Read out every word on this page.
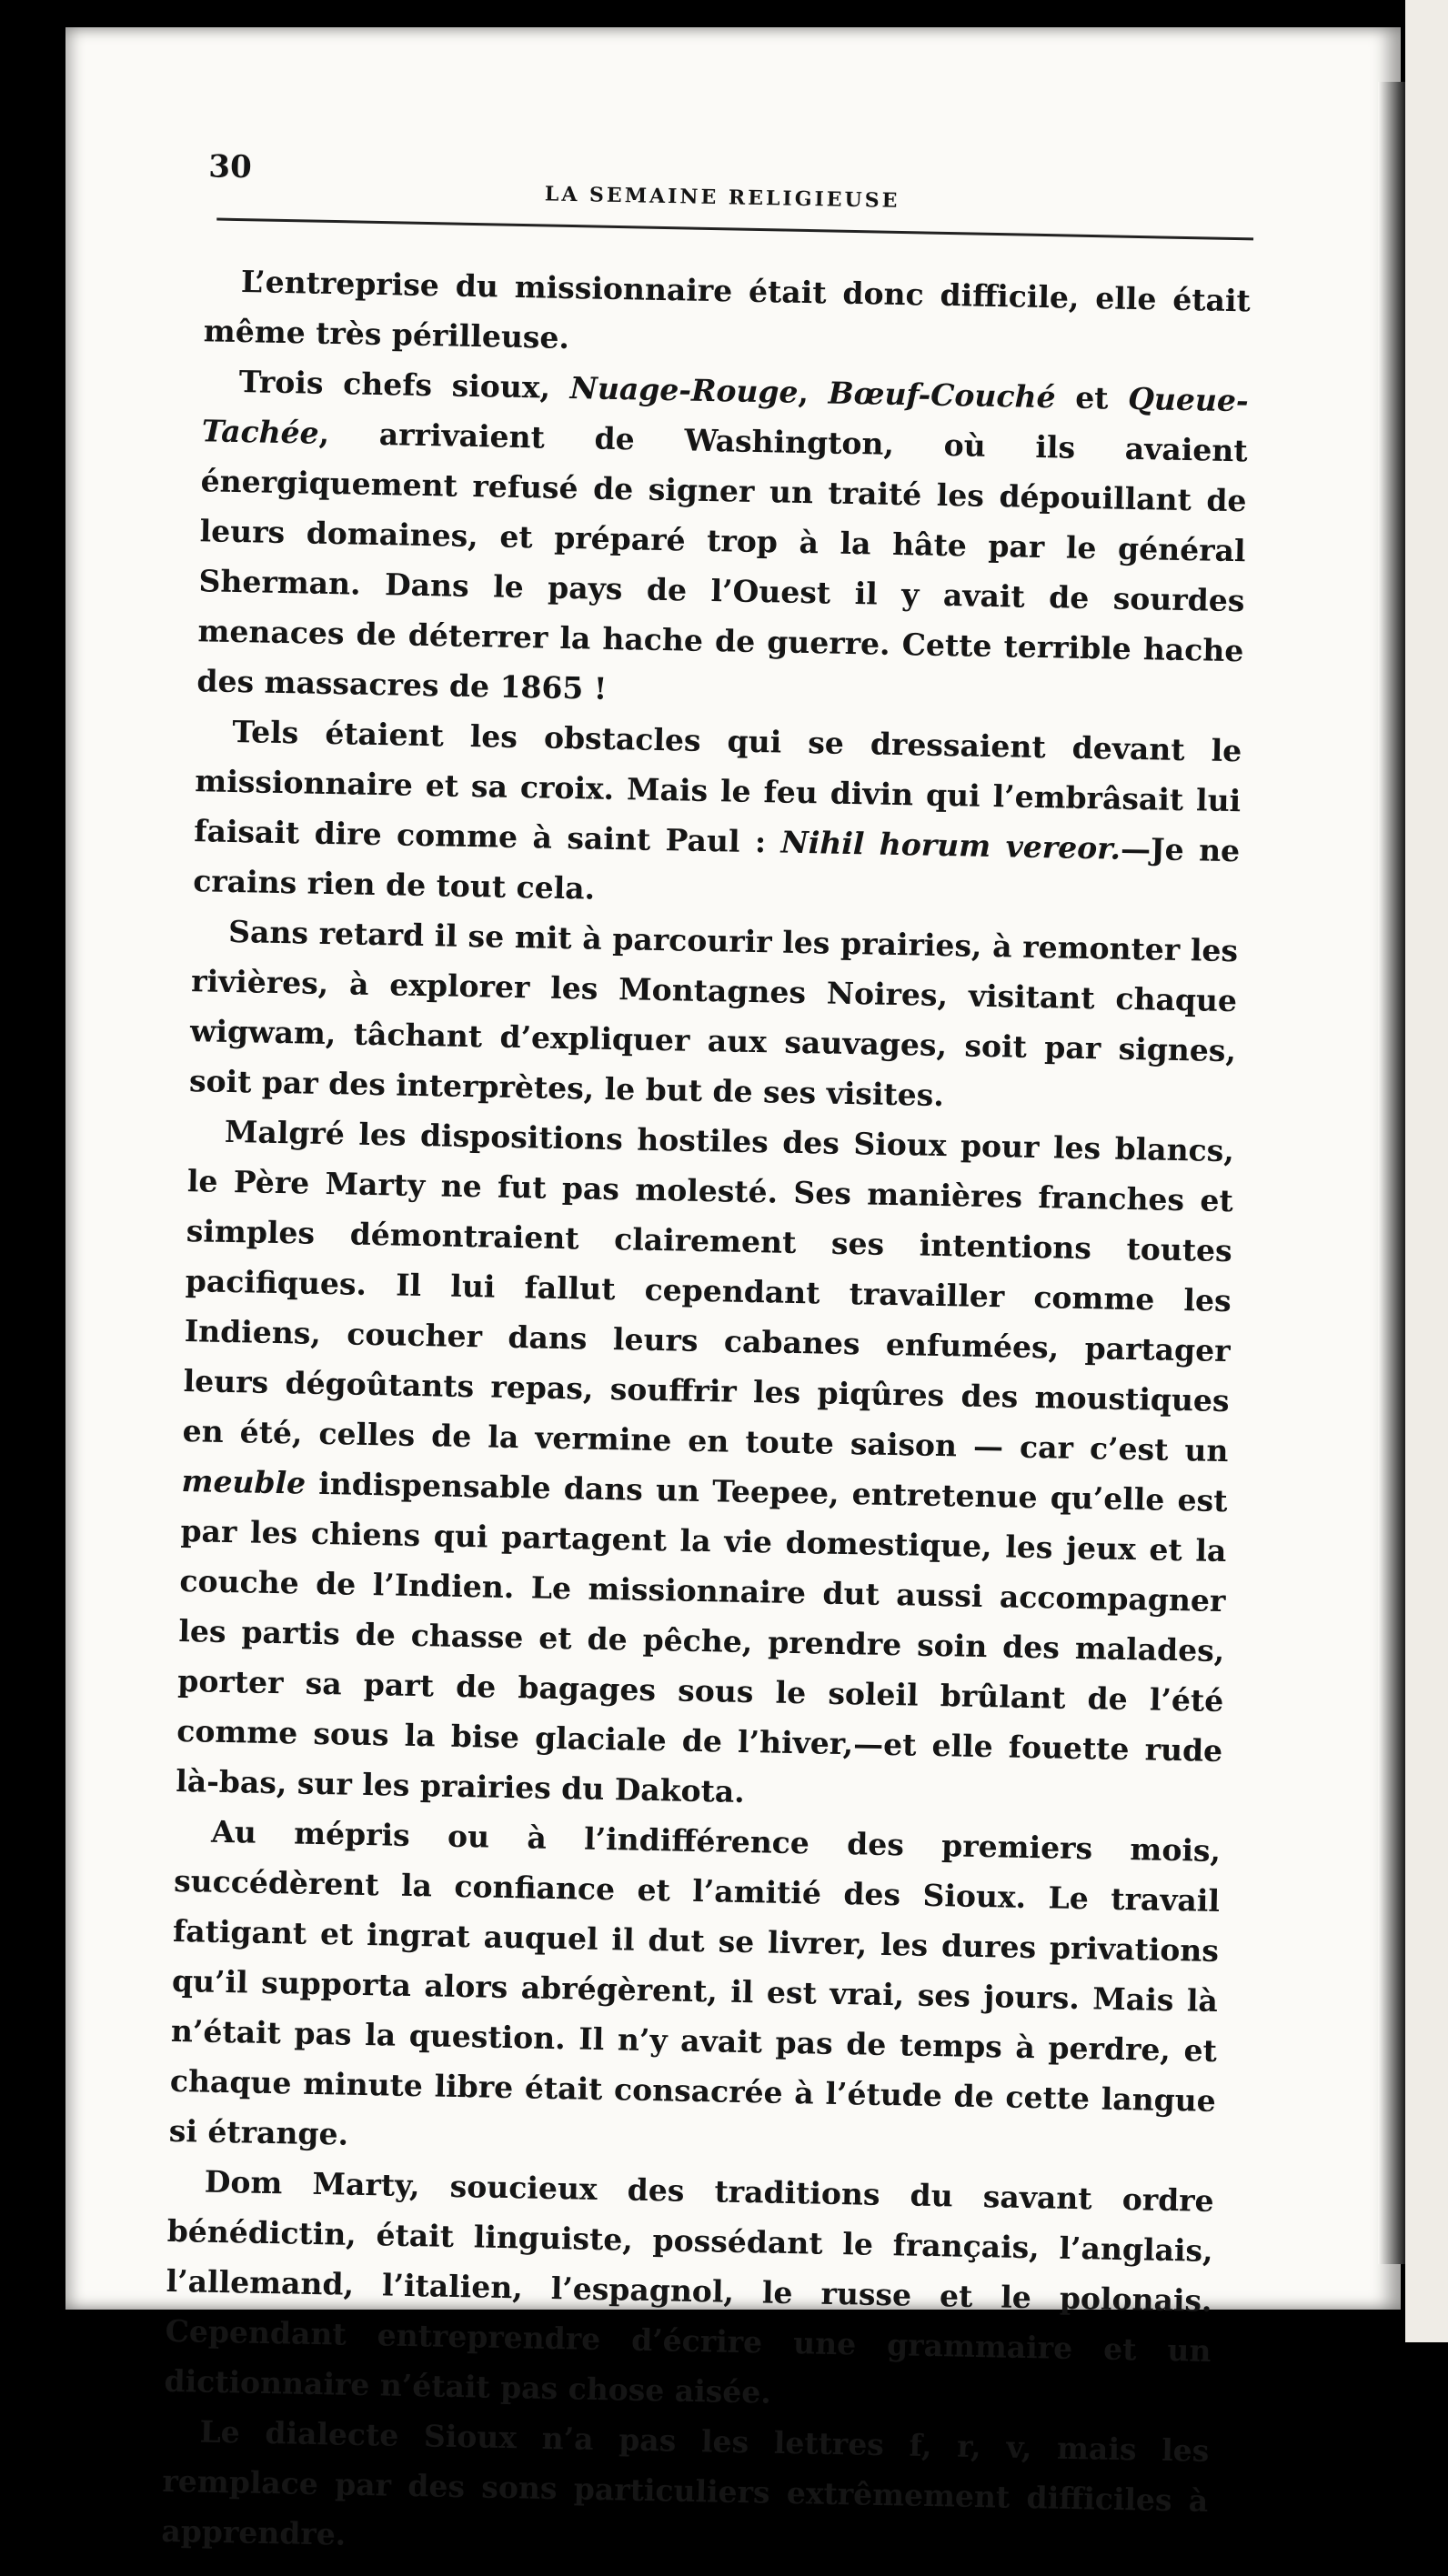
30
LA SEMAINE RELIGIEUSE

L’entreprise du missionnaire était donc difficile, elle était même très périlleuse.

Trois chefs sioux, Nuage-Rouge, Bœuf-Couché et Queue-Tachée, arrivaient de Washington, où ils avaient énergiquement refusé de signer un traité les dépouillant de leurs domaines, et préparé trop à la hâte par le général Sherman. Dans le pays de l’Ouest il y avait de sourdes menaces de déterrer la hache de guerre. Cette terrible hache des massacres de 1865 !

Tels étaient les obstacles qui se dressaient devant le missionnaire et sa croix. Mais le feu divin qui l’embrâsait lui faisait dire comme à saint Paul : Nihil horum vereor.—Je ne crains rien de tout cela.

Sans retard il se mit à parcourir les prairies, à remonter les rivières, à explorer les Montagnes Noires, visitant chaque wigwam, tâchant d’expliquer aux sauvages, soit par signes, soit par des interprètes, le but de ses visites.

Malgré les dispositions hostiles des Sioux pour les blancs, le Père Marty ne fut pas molesté. Ses manières franches et simples démontraient clairement ses intentions toutes pacifiques. Il lui fallut cependant travailler comme les Indiens, coucher dans leurs cabanes enfumées, partager leurs dégoûtants repas, souffrir les piqûres des moustiques en été, celles de la vermine en toute saison — car c’est un meuble indispensable dans un Teepee, entretenue qu’elle est par les chiens qui partagent la vie domestique, les jeux et la couche de l’Indien. Le missionnaire dut aussi accompagner les partis de chasse et de pêche, prendre soin des malades, porter sa part de bagages sous le soleil brûlant de l’été comme sous la bise glaciale de l’hiver,—et elle fouette rude là-bas, sur les prairies du Dakota.

Au mépris ou à l’indifférence des premiers mois, succédèrent la confiance et l’amitié des Sioux. Le travail fatigant et ingrat auquel il dut se livrer, les dures privations qu’il supporta alors abrégèrent, il est vrai, ses jours. Mais là n’était pas la question. Il n’y avait pas de temps à perdre, et chaque minute libre était consacrée à l’étude de cette langue si étrange.

Dom Marty, soucieux des traditions du savant ordre bénédictin, était linguiste, possédant le français, l’anglais, l’allemand, l’italien, l’espagnol, le russe et le polonais. Cependant entreprendre d’écrire une grammaire et un dictionnaire n’était pas chose aisée.

Le dialecte Sioux n’a pas les lettres f, r, v, mais les remplace par des sons particuliers extrêmement difficiles à apprendre.
